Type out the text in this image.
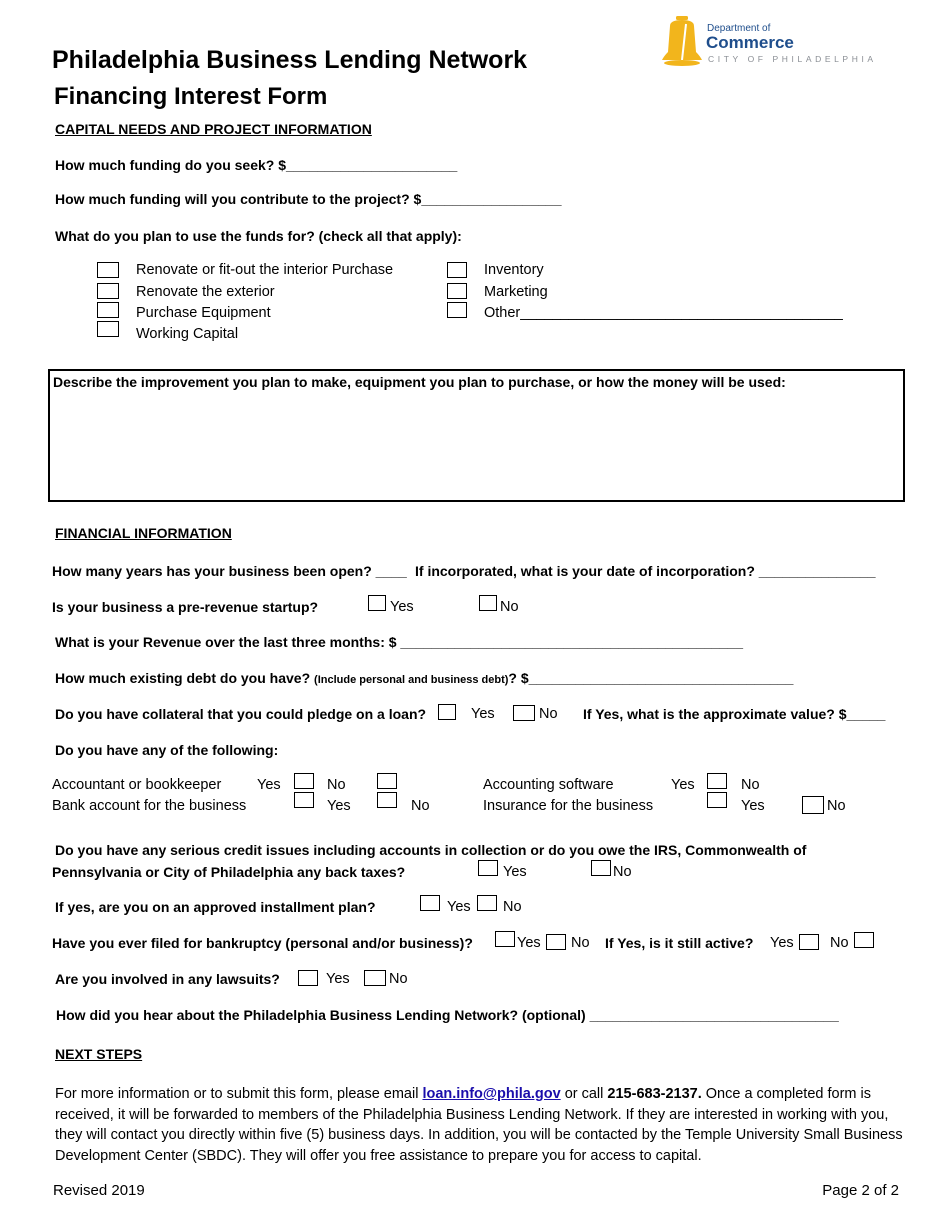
Philadelphia Business Lending Network
Financing Interest Form
Department of
Commerce
CITY OF PHILADELPHIA
CAPITAL NEEDS AND PROJECT INFORMATION
How much funding do you seek? $______________________
How much funding will you contribute to the project? $__________________
What do you plan to use the funds for? (check all that apply):
Renovate or fit-out the interior Purchase
Renovate the exterior
Purchase Equipment
Working Capital
Inventory
Marketing
Other________________________________________
Describe the improvement you plan to make, equipment you plan to purchase, or how the money will be used:
FINANCIAL INFORMATION
How many years has your business been open? ____ If incorporated, what is your date of incorporation? _______________
Is your business a pre-revenue startup?	Yes	No
What is your Revenue over the last three months: $ ____________________________________________
How much existing debt do you have? (Include personal and business debt)? $__________________________________
Do you have collateral that you could pledge on a loan?	Yes	No If Yes, what is the approximate value? $_____
Do you have any of the following:
Accountant or bookkeeper Yes	No
Bank account for the business	Yes	No
Accounting software	Yes	No
Insurance for the business	Yes	No
Do you have any serious credit issues including accounts in collection or do you owe the IRS, Commonwealth of
Pennsylvania or City of Philadelphia any back taxes?	Yes	No
If yes, are you on an approved installment plan?	Yes No
Have you ever filed for bankruptcy (personal and/or business)?	Yes No If Yes, is it still active? Yes	No
Are you involved in any lawsuits?	Yes	No
How did you hear about the Philadelphia Business Lending Network? (optional) ________________________________
NEXT STEPS
For more information or to submit this form, please email loan.info@phila.gov or call 215-683-2137. Once a completed form is received, it will be forwarded to members of the Philadelphia Business Lending Network. If they are interested in working with you, they will contact you directly within five (5) business days. In addition, you will be contacted by the Temple University Small Business Development Center (SBDC). They will offer you free assistance to prepare you for access to capital.
Revised 2019	Page 2 of 2
